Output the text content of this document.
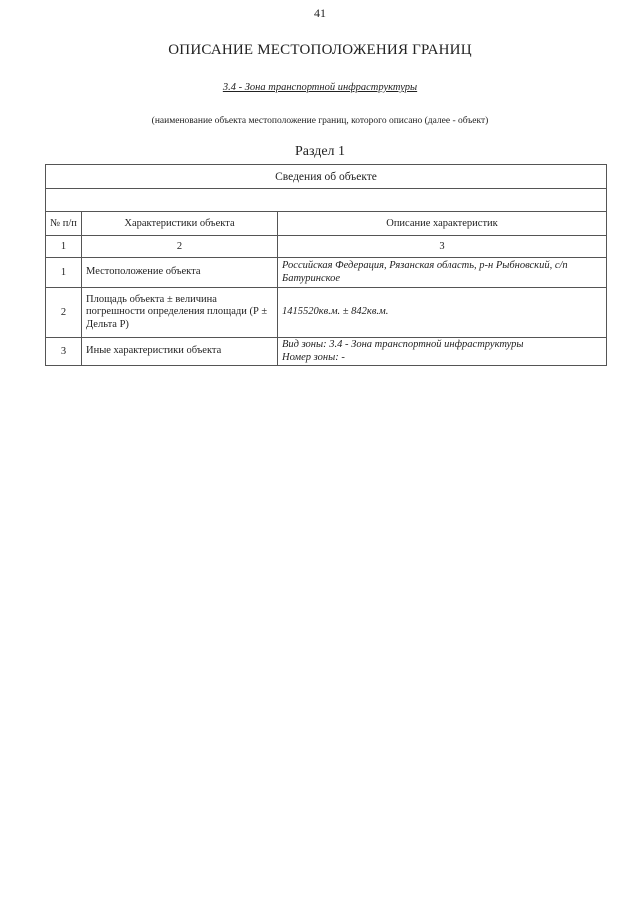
41
ОПИСАНИЕ МЕСТОПОЛОЖЕНИЯ ГРАНИЦ
3.4 - Зона транспортной инфраструктуры
(наименование объекта местоположение границ, которого описано (далее - объект)
Раздел 1
Сведения об объекте		

№ п/п	Характеристики объекта	Описание характеристик
1	2	3
1	Местоположение объекта	Российская Федерация, Рязанская область, р-н Рыбновский, с/п Батуринское
2	Площадь объекта ± величина погрешности определения площади (Р ± Дельта Р)	1415520кв.м. ± 842кв.м.
3	Иные характеристики объекта	Вид зоны: 3.4 - Зона транспортной инфраструктуры
Номер зоны: -
